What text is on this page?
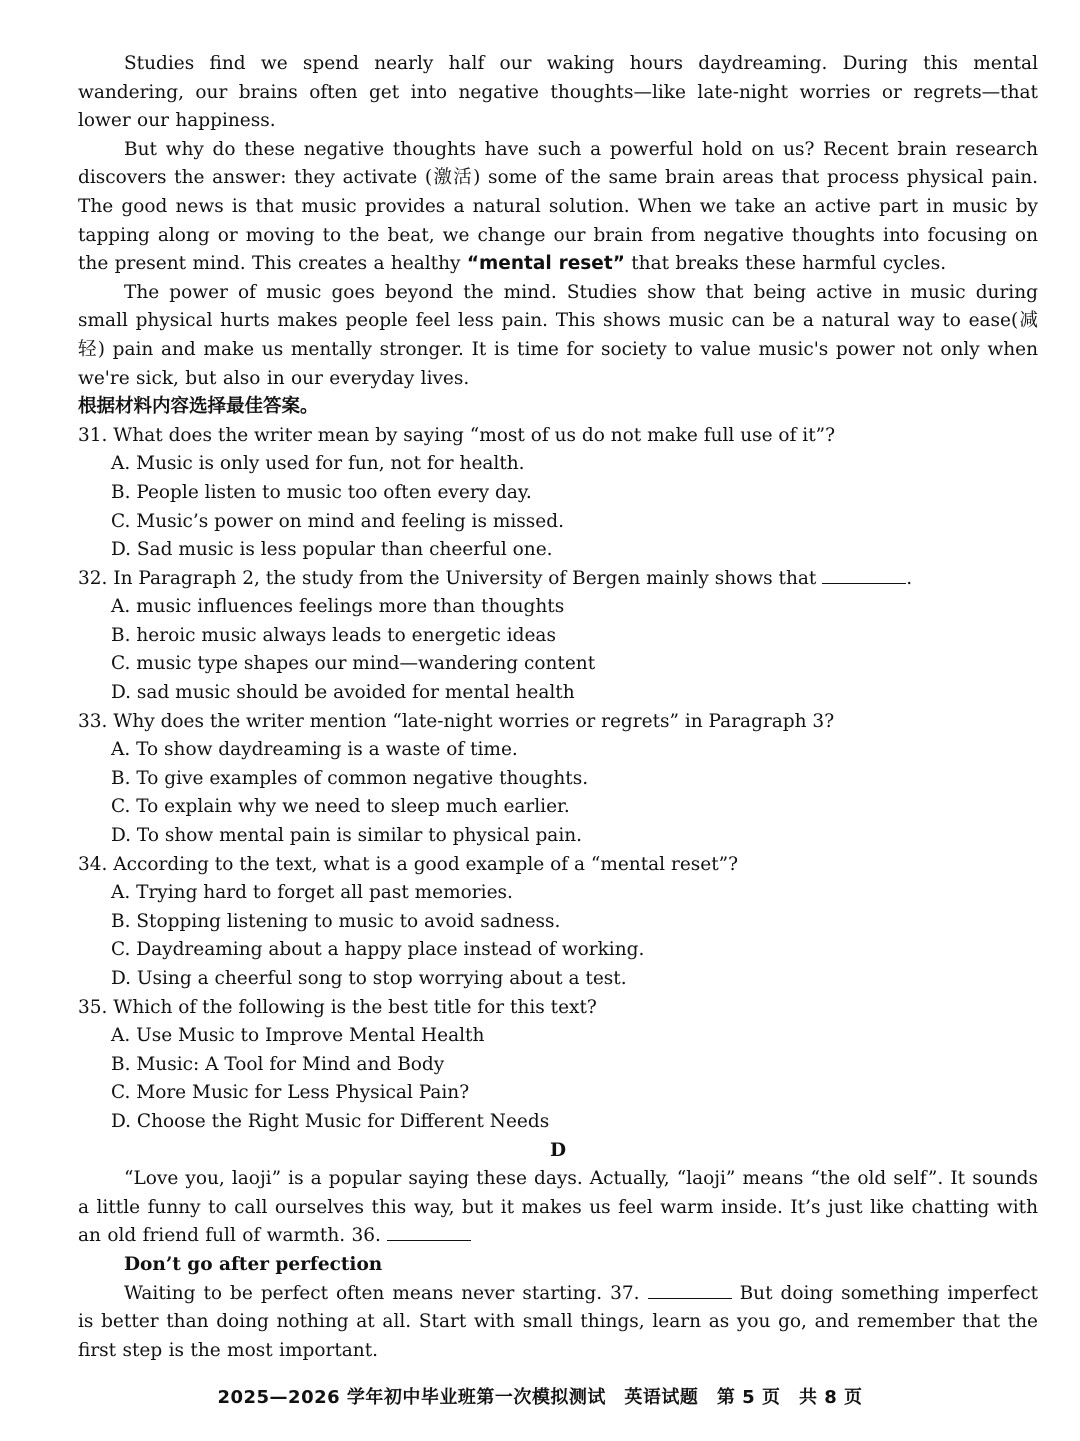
Studies find we spend nearly half our waking hours daydreaming. During this mental wandering, our brains often get into negative thoughts—like late-night worries or regrets—that lower our happiness.

But why do these negative thoughts have such a powerful hold on us? Recent brain research discovers the answer: they activate (激活) some of the same brain areas that process physical pain. The good news is that music provides a natural solution. When we take an active part in music by tapping along or moving to the beat, we change our brain from negative thoughts into focusing on the present mind. This creates a healthy “mental reset” that breaks these harmful cycles.

The power of music goes beyond the mind. Studies show that being active in music during small physical hurts makes people feel less pain. This shows music can be a natural way to ease(减轻) pain and make us mentally stronger. It is time for society to value music's power not only when we're sick, but also in our everyday lives.

根据材料内容选择最佳答案。

31. What does the writer mean by saying “most of us do not make full use of it”?

A. Music is only used for fun, not for health.

B. People listen to music too often every day.

C. Music’s power on mind and feeling is missed.

D. Sad music is less popular than cheerful one.

32. In Paragraph 2, the study from the University of Bergen mainly shows that	.

A. music influences feelings more than thoughts

B. heroic music always leads to energetic ideas

C. music type shapes our mind—wandering content

D. sad music should be avoided for mental health

33. Why does the writer mention “late-night worries or regrets” in Paragraph 3?

A. To show daydreaming is a waste of time.

B. To give examples of common negative thoughts.

C. To explain why we need to sleep much earlier.

D. To show mental pain is similar to physical pain.

34. According to the text, what is a good example of a “mental reset”?

A. Trying hard to forget all past memories.

B. Stopping listening to music to avoid sadness.

C. Daydreaming about a happy place instead of working.

D. Using a cheerful song to stop worrying about a test.

35. Which of the following is the best title for this text?

A. Use Music to Improve Mental Health

B. Music: A Tool for Mind and Body

C. More Music for Less Physical Pain?

D. Choose the Right Music for Different Needs

D

“Love you, laoji” is a popular saying these days. Actually, “laoji” means “the old self”. It sounds a little funny to call ourselves this way, but it makes us feel warm inside. It’s just like chatting with an old friend full of warmth. 36.

Don’t go after perfection

Waiting to be perfect often means never starting. 37.	But doing something imperfect is better than doing nothing at all. Start with small things, learn as you go, and remember that the first step is the most important.

2025—2026 学年初中毕业班第一次模拟测试　英语试题　第 5 页　共 8 页
